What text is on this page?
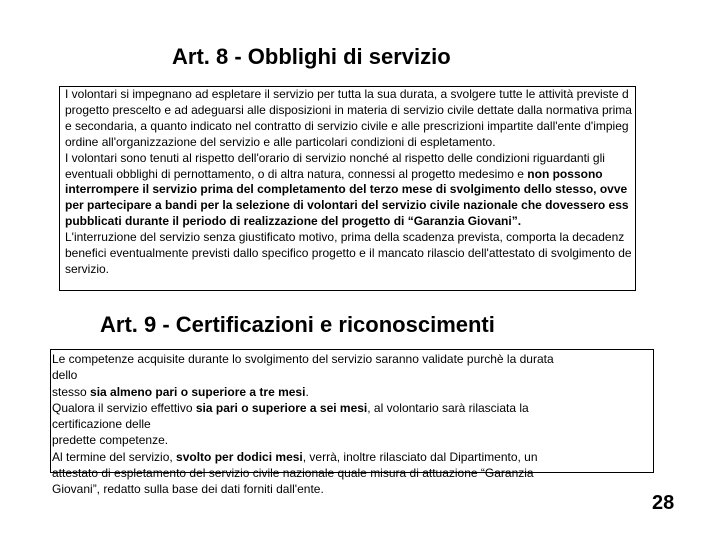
Art. 8 - Obblighi di servizio
I volontari si impegnano ad espletare il servizio per tutta la sua durata, a svolgere tutte le attività previste d
progetto prescelto e ad adeguarsi alle disposizioni in materia di servizio civile dettate dalla normativa prima
e secondaria, a quanto indicato nel contratto di servizio civile e alle prescrizioni impartite dall'ente d'impieg
ordine all'organizzazione del servizio e alle particolari condizioni di espletamento.
I volontari sono tenuti al rispetto dell'orario di servizio nonché al rispetto delle condizioni riguardanti gli
eventuali obblighi di pernottamento, o di altra natura, connessi al progetto medesimo e non possono
interrompere il servizio prima del completamento del terzo mese di svolgimento dello stesso, ovve
per partecipare a bandi per la selezione di volontari del servizio civile nazionale che dovessero ess
pubblicati durante il periodo di realizzazione del progetto di “Garanzia Giovani”.
L'interruzione del servizio senza giustificato motivo, prima della scadenza prevista, comporta la decadenz
benefici eventualmente previsti dallo specifico progetto e il mancato rilascio dell'attestato di svolgimento de
servizio.
Art. 9 - Certificazioni e riconoscimenti
Le competenze acquisite durante lo svolgimento del servizio saranno validate purchè la durata
dello
stesso sia almeno pari o superiore a tre mesi.
Qualora il servizio effettivo sia pari o superiore a sei mesi, al volontario sarà rilasciata la
certificazione delle
predette competenze.
Al termine del servizio, svolto per dodici mesi, verrà, inoltre rilasciato dal Dipartimento, un
attestato di espletamento del servizio civile nazionale quale misura di attuazione “Garanzia
Giovani”, redatto sulla base dei dati forniti dall'ente.
28
